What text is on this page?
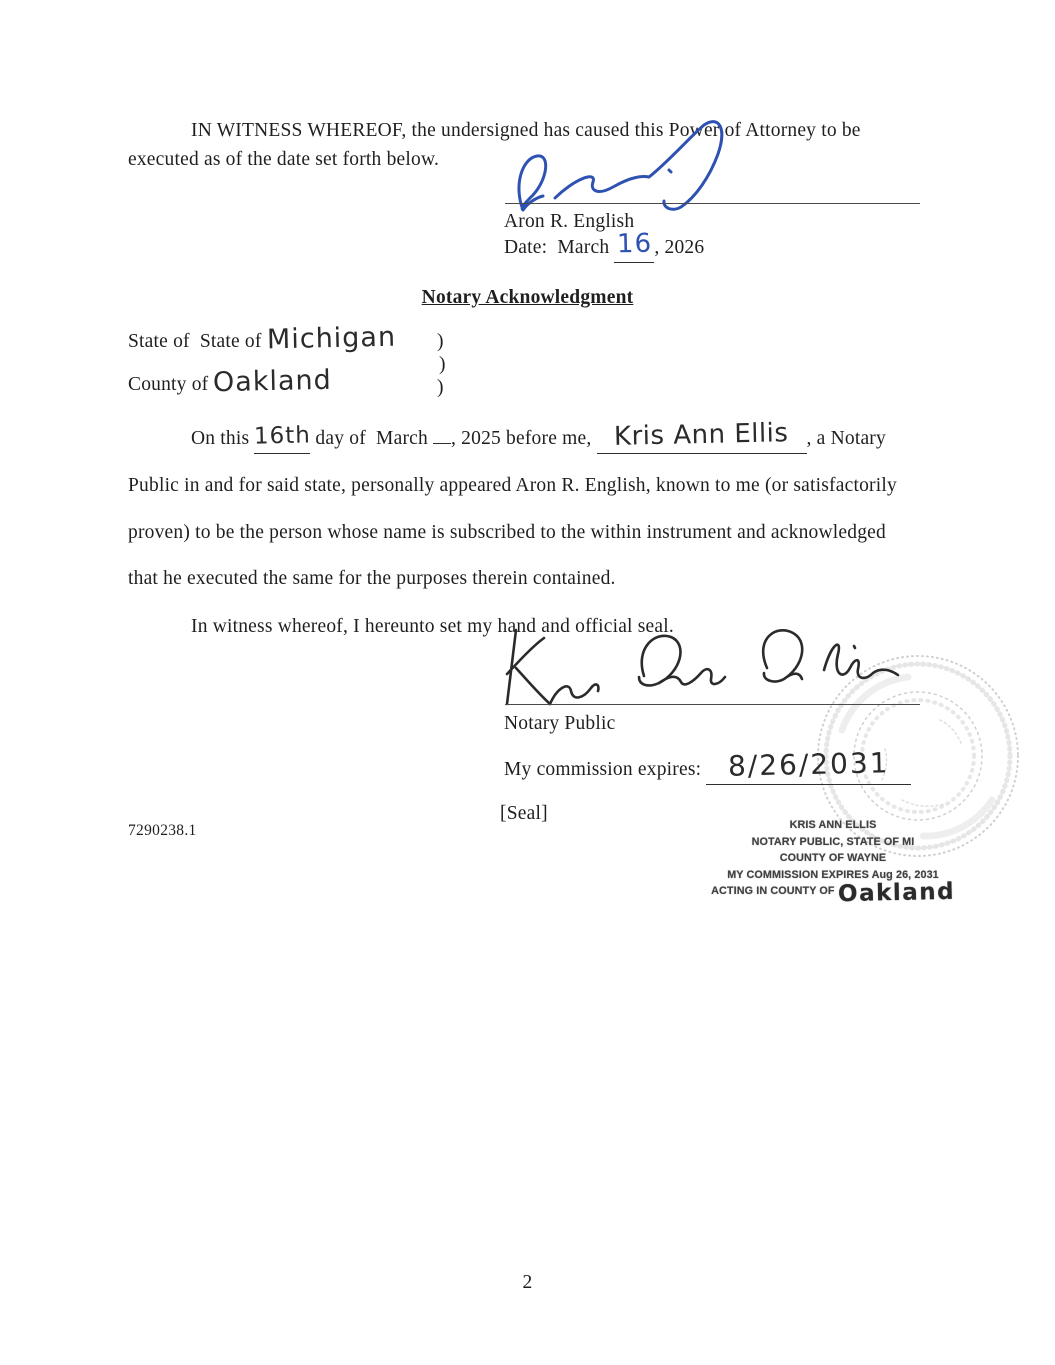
IN WITNESS WHEREOF, the undersigned has caused this Power of Attorney to be
executed as of the date set forth below.
Aron R. English
Date:  March 16 , 2026
Notary Acknowledgment
State of  State of Michigan )
)
County of Oakland	)
On this 16th day of  March , 2025 before me, Kris Ann Ellis , a Notary
Public in and for said state, personally appeared Aron R. English, known to me (or satisfactorily
proven) to be the person whose name is subscribed to the within instrument and acknowledged
that he executed the same for the purposes therein contained.
In witness whereof, I hereunto set my hand and official seal.
Notary Public
My commission expires: 8/26/2031
[Seal]
7290238.1	KRIS ANN ELLIS
NOTARY PUBLIC, STATE OF MI
COUNTY OF WAYNE
MY COMMISSION EXPIRES Aug 26, 2031
ACTING IN COUNTY OF Oakland
2
